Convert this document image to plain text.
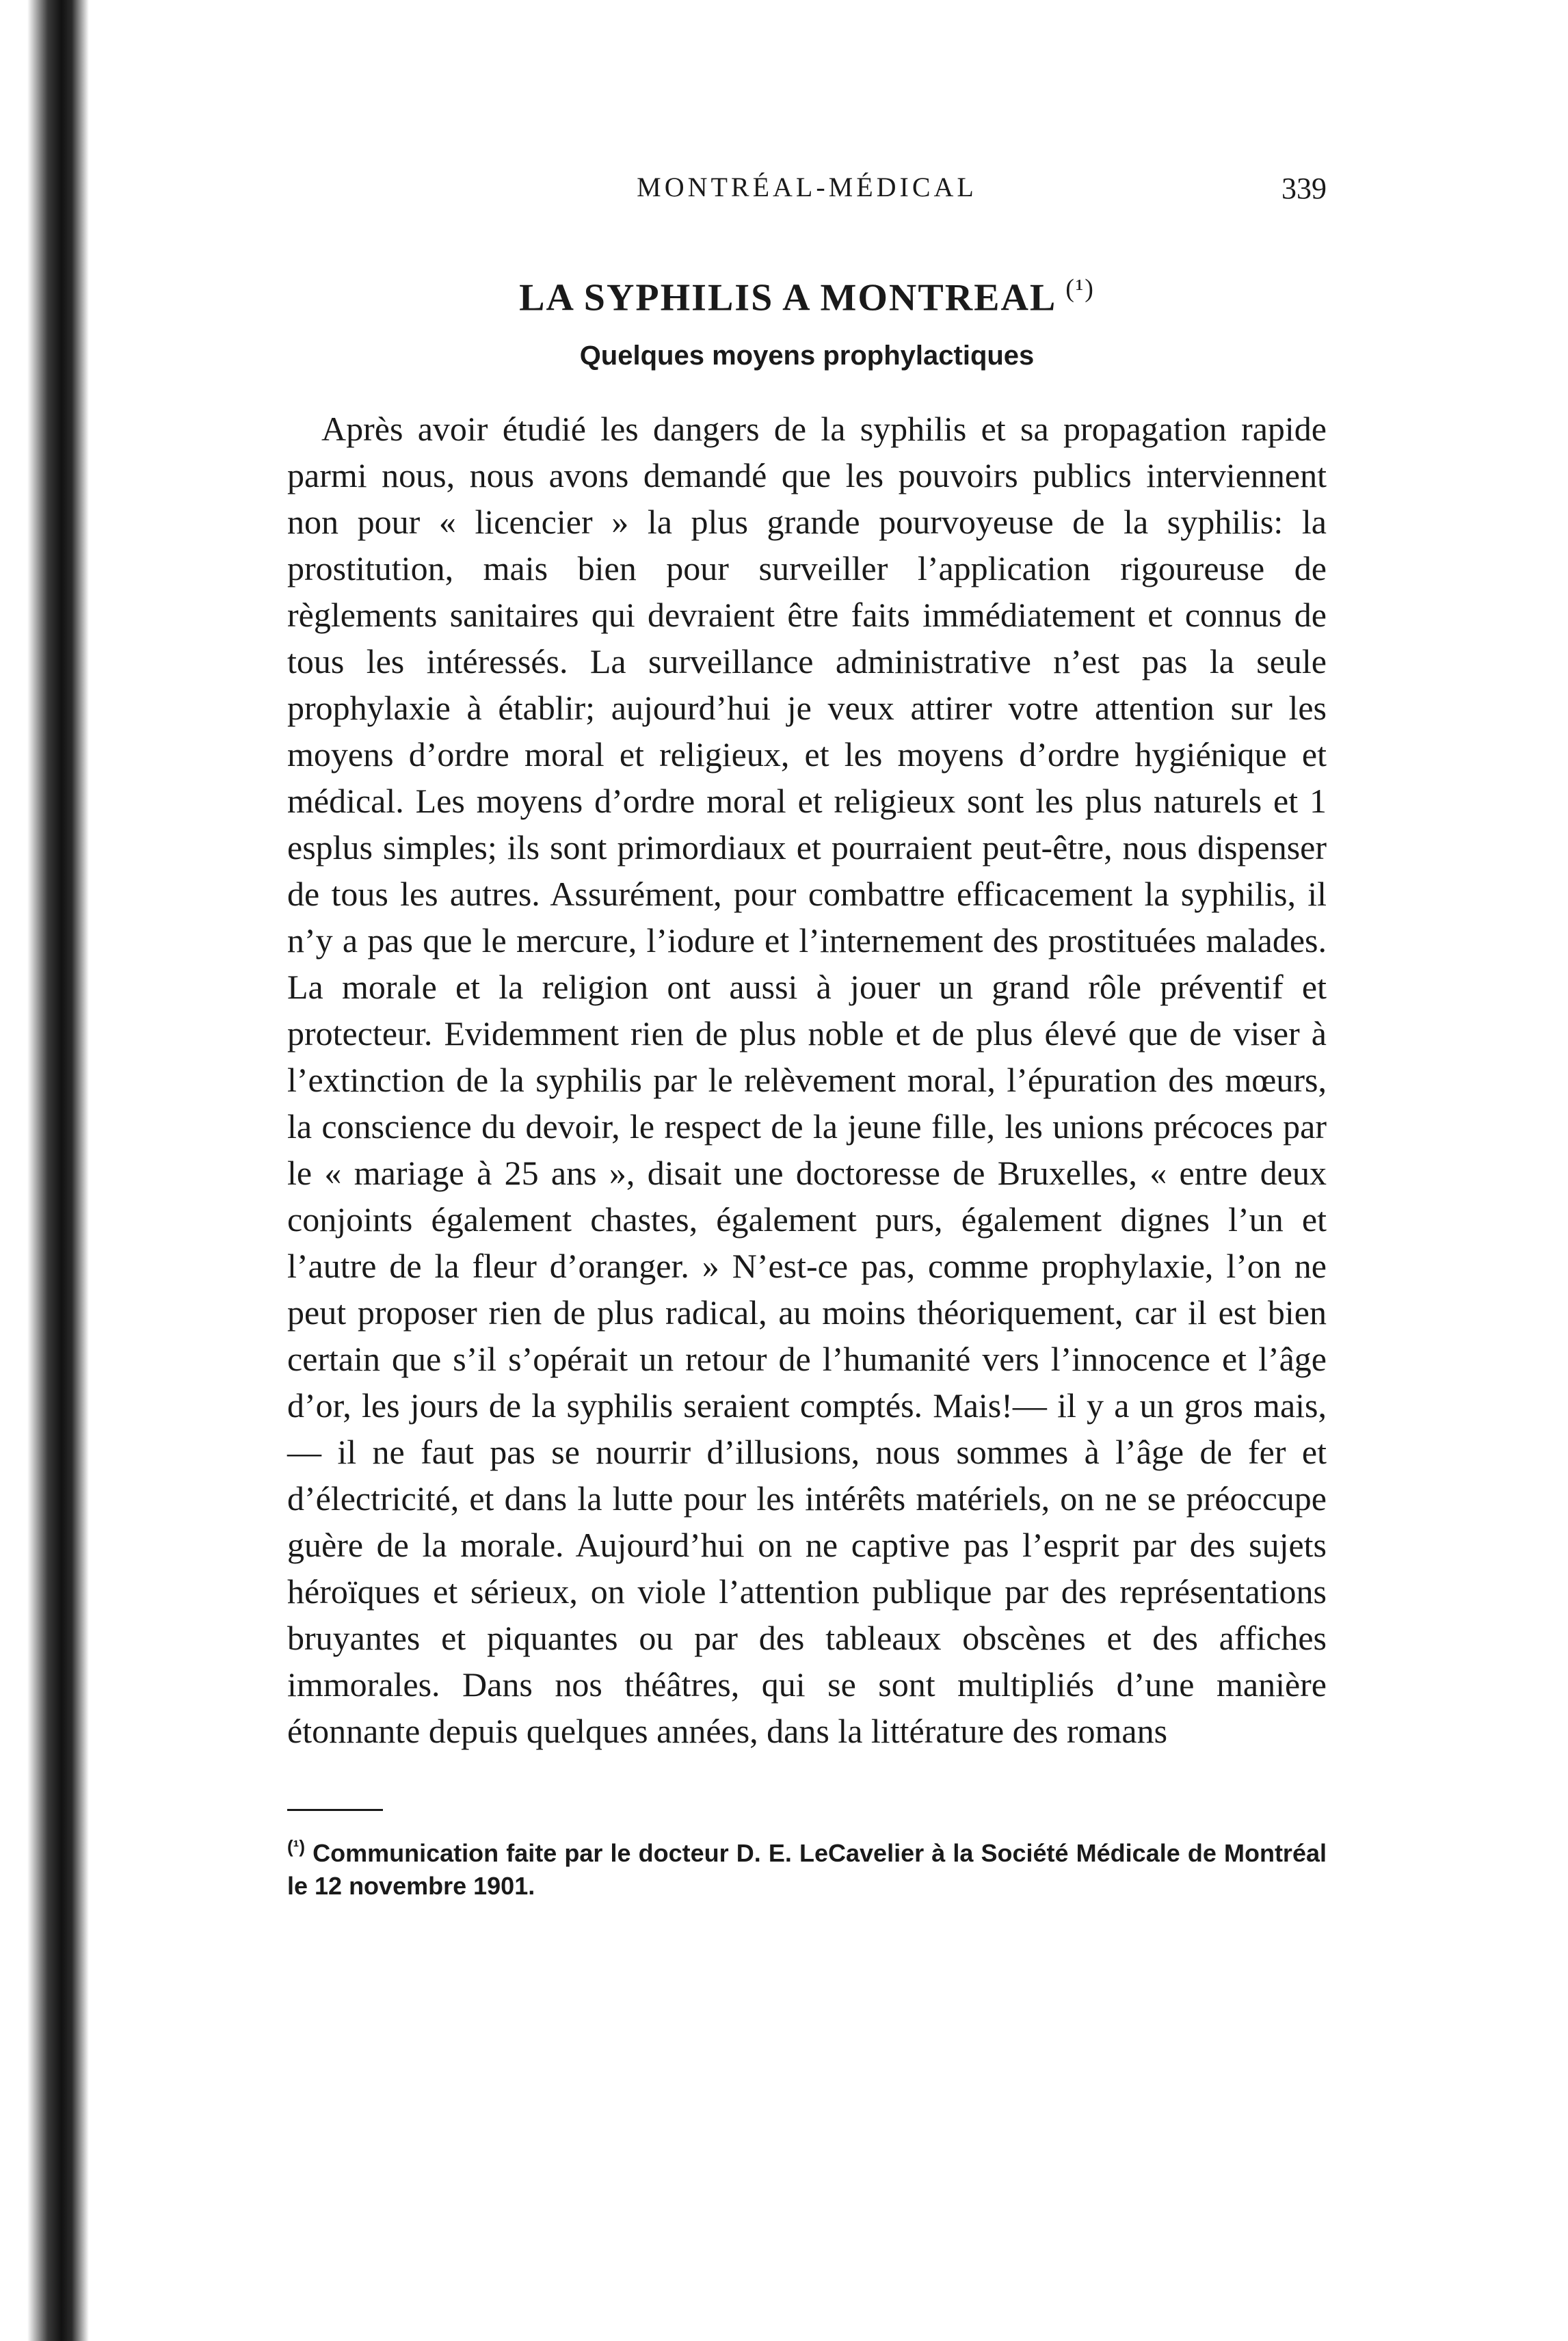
MONTRÉAL-MÉDICAL	339
LA SYPHILIS A MONTREAL $^{(^1)}$
Quelques moyens prophylactiques

Après avoir étudié les dangers de la syphilis et sa propagation rapide parmi nous, nous avons demandé que les pouvoirs publics interviennent non pour « licencier » la plus grande pourvoyeuse de la syphilis: la prostitution, mais bien pour surveiller l’application rigoureuse de règlements sanitaires qui devraient être faits immédiatement et connus de tous les intéressés. La surveillance administrative n’est pas la seule prophylaxie à établir; aujourd’hui je veux attirer votre attention sur les moyens d’ordre moral et religieux, et les moyens d’ordre hygiénique et médical. Les moyens d’ordre moral et religieux sont les plus naturels et 1 esplus simples; ils sont primordiaux et pourraient peut-être, nous dispenser de tous les autres. Assurément, pour combattre efficacement la syphilis, il n’y a pas que le mercure, l’iodure et l’internement des prostituées malades. La morale et la religion ont aussi à jouer un grand rôle préventif et protecteur. Evidemment rien de plus noble et de plus élevé que de viser à l’extinction de la syphilis par le relèvement moral, l’épuration des mœurs, la conscience du devoir, le respect de la jeune fille, les unions précoces par le « mariage à 25 ans », disait une doctoresse de Bruxelles, « entre deux conjoints également chastes, également purs, également dignes l’un et l’autre de la fleur d’oranger. » N’est-ce pas, comme prophylaxie, l’on ne peut proposer rien de plus radical, au moins théoriquement, car il est bien certain que s’il s’opérait un retour de l’humanité vers l’innocence et l’âge d’or, les jours de la syphilis seraient comptés. Mais!— il y a un gros mais,— il ne faut pas se nourrir d’illusions, nous sommes à l’âge de fer et d’électricité, et dans la lutte pour les intérêts matériels, on ne se préoccupe guère de la morale. Aujourd’hui on ne captive pas l’esprit par des sujets héroïques et sérieux, on viole l’attention publique par des représentations bruyantes et piquantes ou par des tableaux obscènes et des affiches immorales. Dans nos théâtres, qui se sont multipliés d’une manière étonnante depuis quelques années, dans la littérature des romans

$^{(^1)}$ Communication faite par le docteur D. E. LeCavelier à la Société Médicale de Montréal le 12 novembre 1901.
